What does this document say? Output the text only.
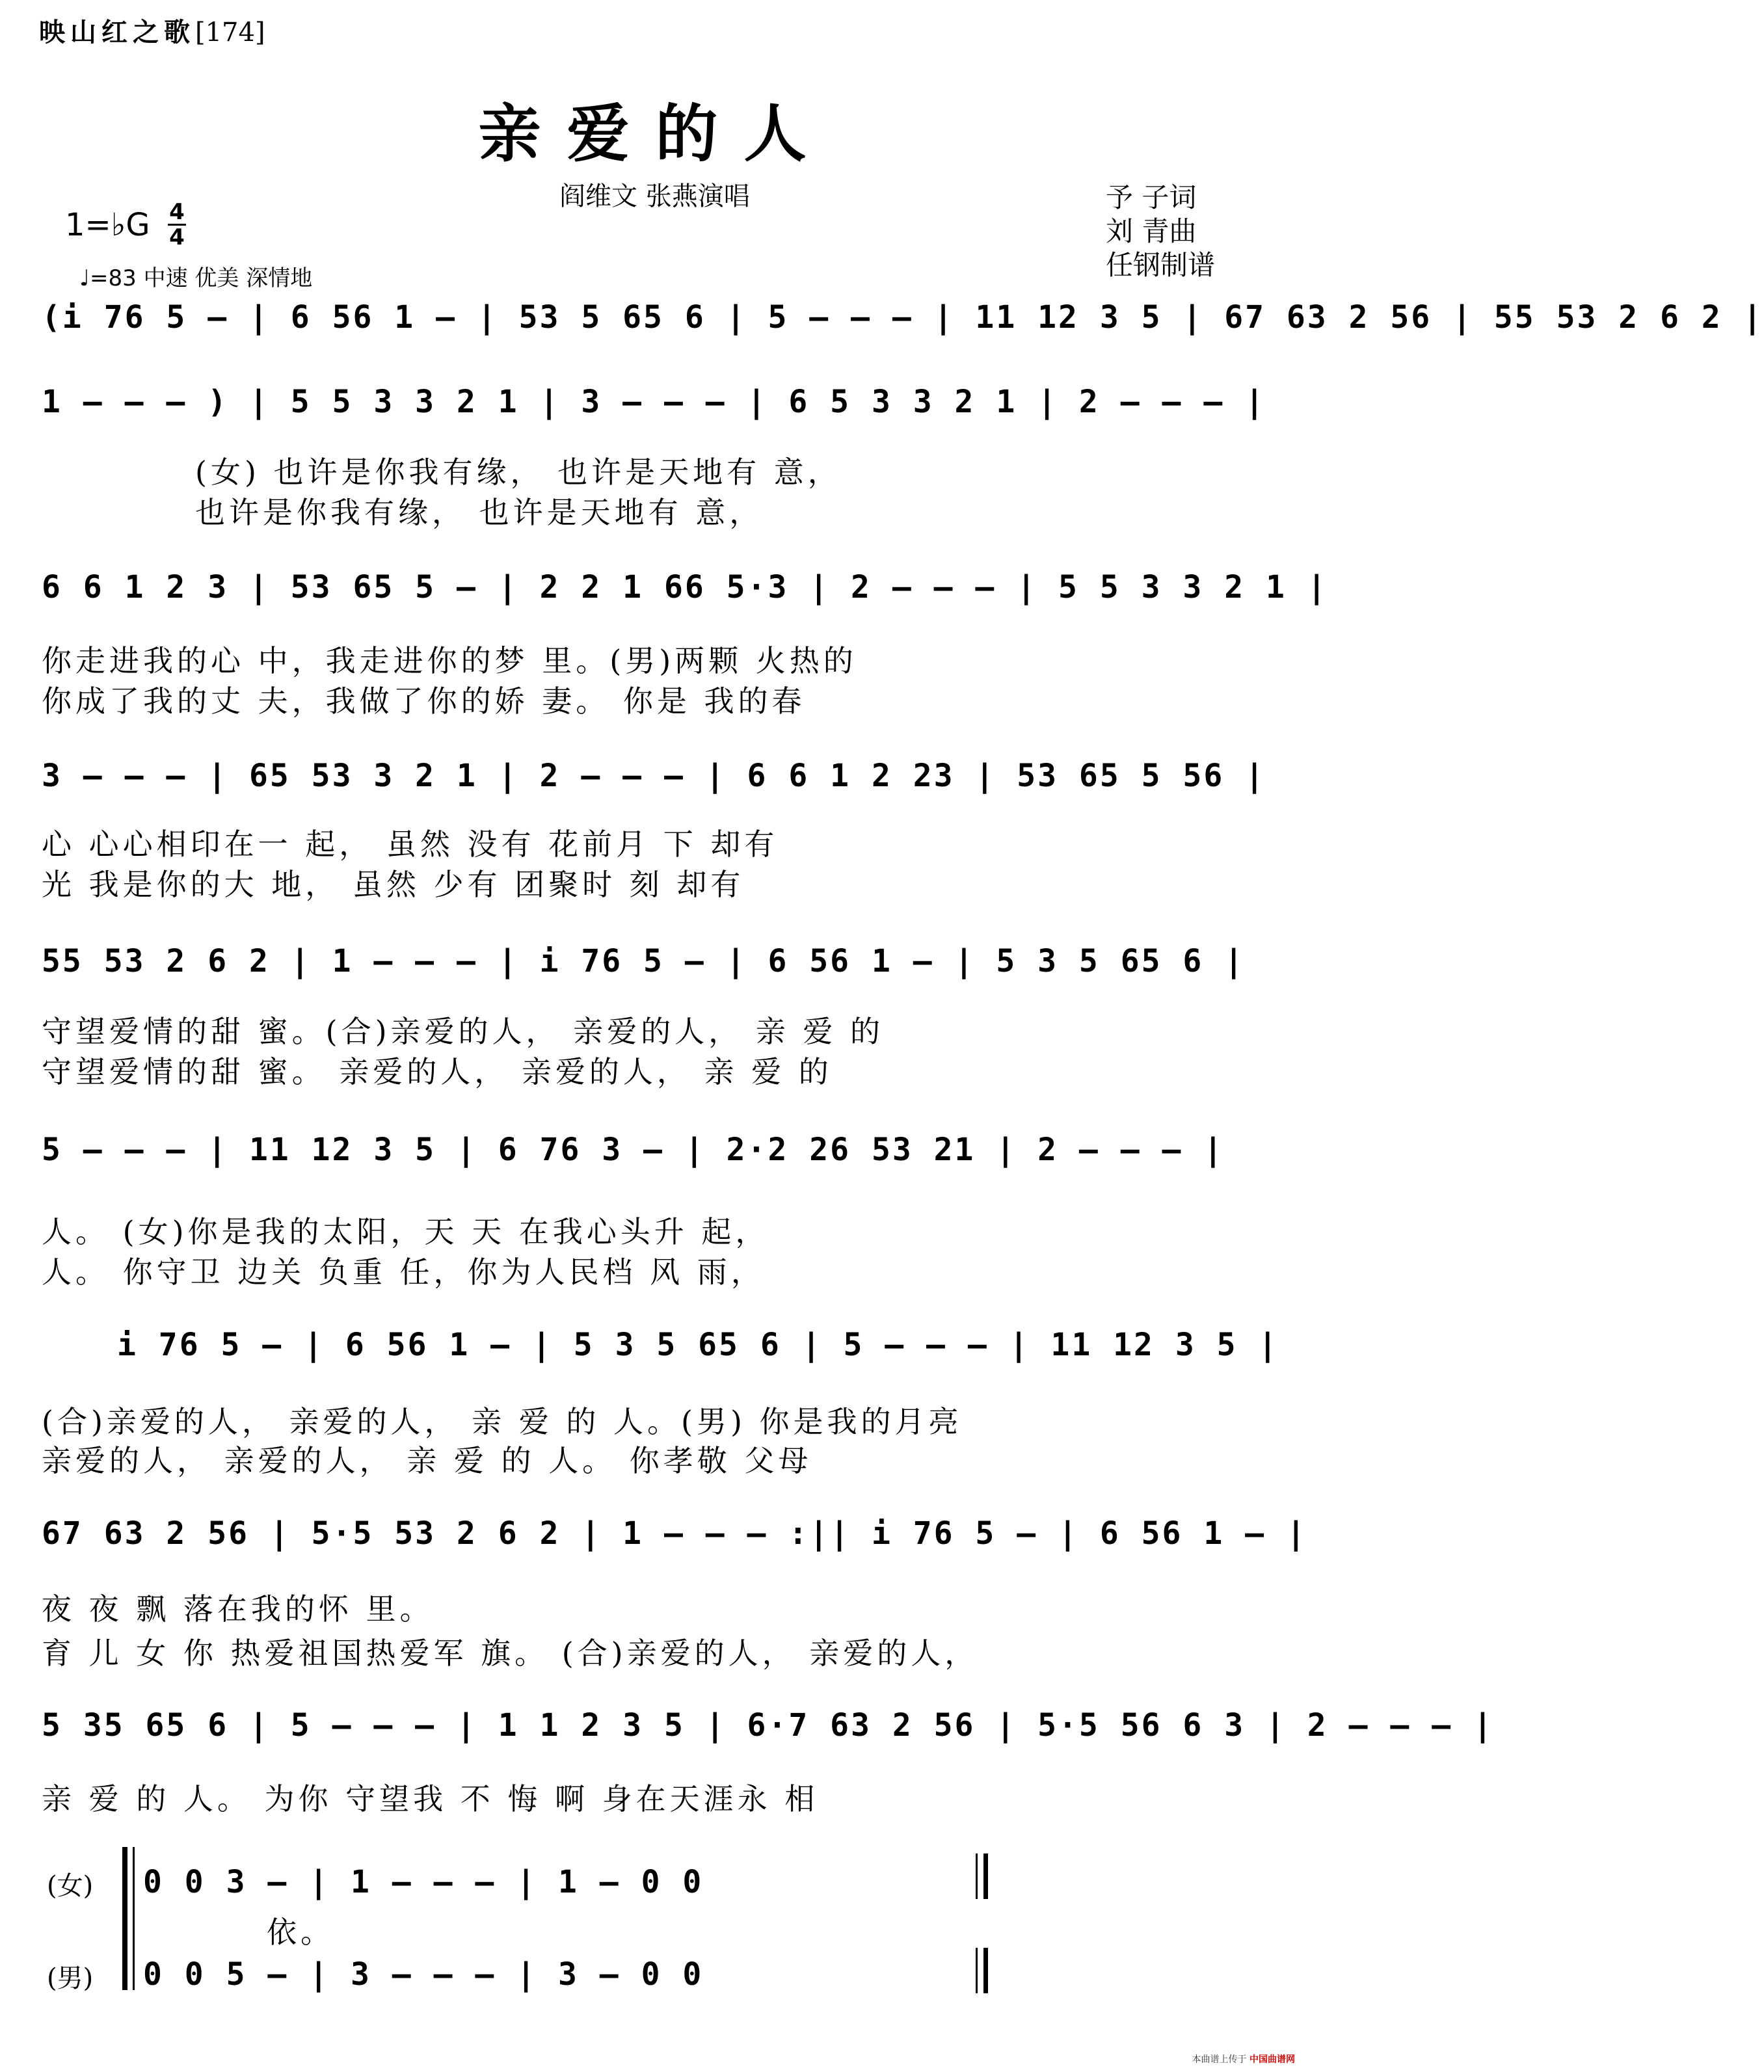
映山红之歌[174]
亲爱的人
阎维文 张燕演唱	予 子词
刘 青曲
任钢制谱
1=♭G 4
4
♩=83 中速 优美 深情地
(i 76 5 – | 6 56 1 – | 53 5 65 6 | 5 – – – | 11 12 3 5 | 67 63 2 56 | 55 53 2 6 2 |
1 – – – ) | 5 5 3 3 2 1 | 3 – – – | 6 5 3 3 2 1 | 2 – – – |
(女) 也许是你我有缘， 也许是天地有 意，
也许是你我有缘， 也许是天地有 意，
6 6 1 2 3 | 53 65 5 – | 2 2 1 66 5·3 | 2 – – – | 5 5 3 3 2 1 |
你走进我的心 中，我走进你的梦 里。(男)两颗 火热的
你成了我的丈 夫，我做了你的娇 妻。 你是 我的春
3 – – – | 65 53 3 2 1 | 2 – – – | 6 6 1 2 23 | 53 65 5 56 |
心 心心相印在一 起， 虽然 没有 花前月 下 却有
光 我是你的大 地， 虽然 少有 团聚时 刻 却有
55 53 2 6 2 | 1 – – – | i 76 5 – | 6 56 1 – | 5 3 5 65 6 |
守望爱情的甜 蜜。(合)亲爱的人， 亲爱的人， 亲 爱 的
守望爱情的甜 蜜。 亲爱的人， 亲爱的人， 亲 爱 的
5 – – – | 11 12 3 5 | 6 76 3 – | 2·2 26 53 21 | 2 – – – |
人。 (女)你是我的太阳，天 天 在我心头升 起，
人。 你守卫 边关 负重 任，你为人民档 风 雨，
i 76 5 – | 6 56 1 – | 5 3 5 65 6 | 5 – – – | 11 12 3 5 |
(合)亲爱的人， 亲爱的人， 亲 爱 的 人。(男) 你是我的月亮
亲爱的人， 亲爱的人， 亲 爱 的 人。 你孝敬 父母
67 63 2 56 | 5·5 53 2 6 2 | 1 – – – :|| i 76 5 – | 6 56 1 – |
夜 夜 飘 落在我的怀 里。
育 儿 女 你 热爱祖国热爱军 旗。 (合)亲爱的人， 亲爱的人，
5 35 65 6 | 5 – – – | 1 1 2 3 5 | 6·7 63 2 56 | 5·5 56 6 3 | 2 – – – |
亲 爱 的 人。 为你 守望我 不 悔 啊 身在天涯永 相
(女)
(男)
0 0 3 – | 1 – – – | 1 – 0 0
依。
0 0 5 – | 3 – – – | 3 – 0 0
本曲谱上传于 中国曲谱网
